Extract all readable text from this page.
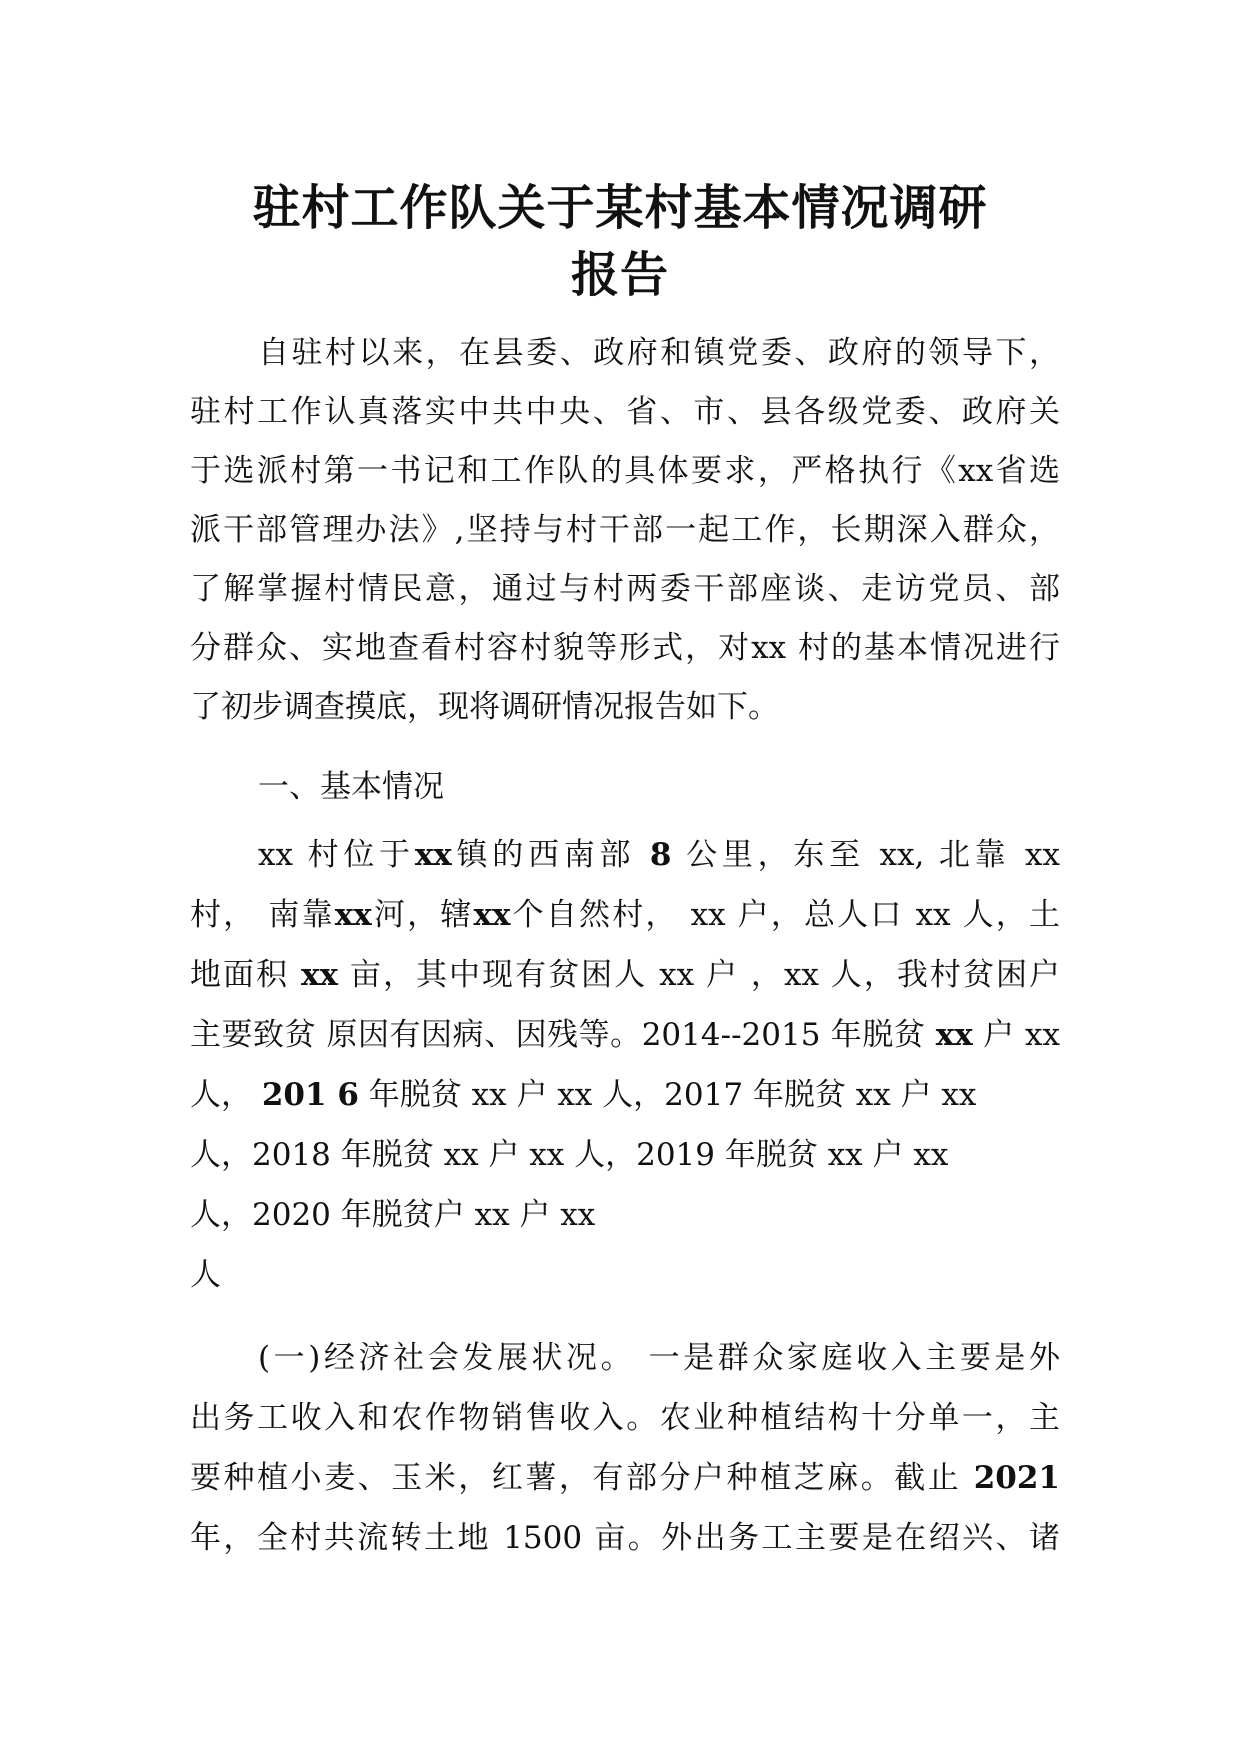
驻村工作队关于某村基本情况调研
报告

自驻村以来，在县委、政府和镇党委、政府的领导下，

驻村工作认真落实中共中央、省、市、县各级党委、政府关

于选派村第一书记和工作队的具体要求，严格执行《xx省选

派干部管理办法》,坚持与村干部一起工作，长期深入群众，

了解掌握村情民意，通过与村两委干部座谈、走访党员、部

分群众、实地查看村容村貌等形式，对xx 村的基本情况进行

了初步调查摸底，现将调研情况报告如下。

一、基本情况

xx 村位于xx镇的西南部 8 公里，东至 xx, 北靠 xx

村， 南靠xx河，辖xx个自然村， xx 户，总人口 xx 人，土

地面积 xx 亩，其中现有贫困人 xx 户 ，xx 人，我村贫困户

主要致贫 原因有因病、因残等。2014--2015 年脱贫 xx 户 xx

人， 201 6 年脱贫 xx 户 xx 人，2017 年脱贫 xx 户 xx

人，2018 年脱贫 xx 户 xx 人，2019 年脱贫 xx 户 xx

人，2020 年脱贫户 xx 户 xx

人

(一)经济社会发展状况。 一是群众家庭收入主要是外

出务工收入和农作物销售收入。农业种植结构十分单一，主

要种植小麦、玉米，红薯，有部分户种植芝麻。截止 2021

年，全村共流转土地 1500 亩。外出务工主要是在绍兴、诸
